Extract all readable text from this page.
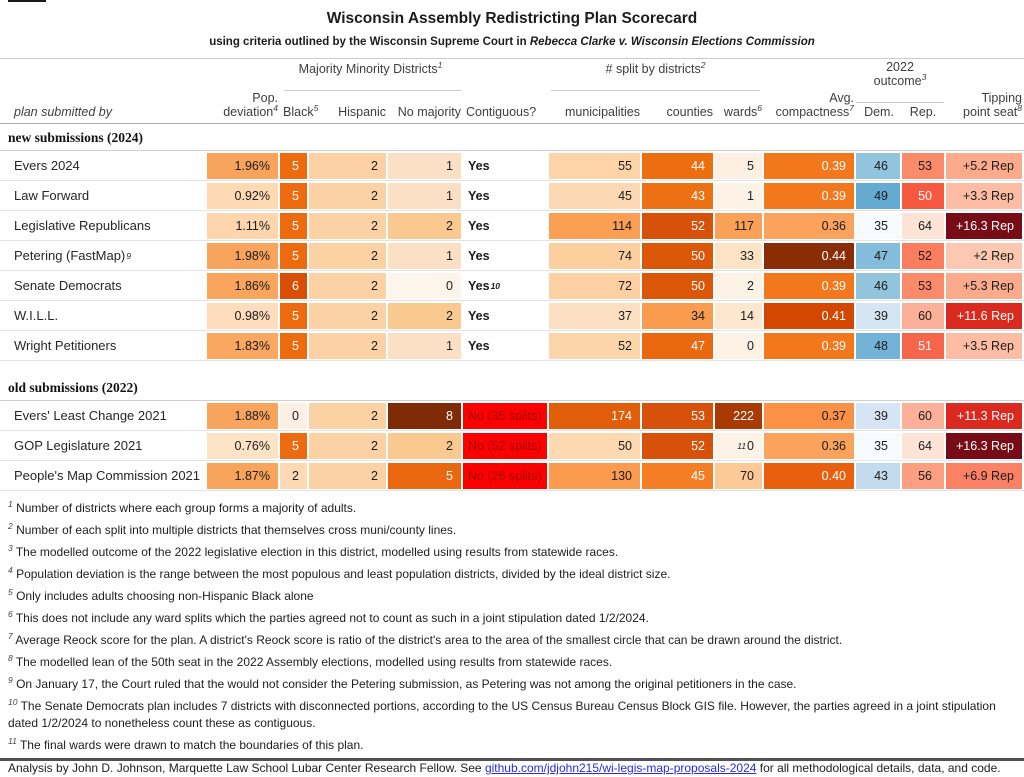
Wisconsin Assembly Redistricting Plan Scorecard
using criteria outlined by the Wisconsin Supreme Court in Rebecca Clarke v. Wisconsin Elections Commission
plan submitted by
Pop.
deviation$^4$
Majority Minority Districts$^1$
Black$^5$ Hispanic No majority Contiguous?
# split by districts$^2$
municipalities counties wards$^6$
Avg.
compactness$^7$
2022
outcome$^3$
Dem.	Rep.
Tipping
point seat$^8$
new submissions (2024)
Evers 2024	1.96%	5	2	1	Yes	55	44	5	0.39	46	53	+5.2 Rep
Law Forward	0.92%	5	2	1	Yes	45	43	1	0.39	49	50	+3.3 Rep
Legislative Republicans	1.11%	5	2	2	Yes	114	52	117	0.36	35	64	+16.3 Rep
Petering (FastMap) 9	1.98%	5	2	1	Yes	74	50	33	0.44	47	52	+2 Rep
Senate Democrats	1.86%	6	2	0	Yes 10	72	50	2	0.39	46	53	+5.3 Rep
W.I.L.L.	0.98%	5	2	2	Yes	37	34	14	0.41	39	60	+11.6 Rep
Wright Petitioners	1.83%	5	2	1	Yes	52	47	0	0.39	48	51	+3.5 Rep
old submissions (2022)
Evers' Least Change 2021	1.88%	0	2	8	No (35 splits)	174	53	222	0.37	39	60	+11.3 Rep
GOP Legislature 2021	0.76%	5	2	2	No (52 splits)	50	52	11 0	0.36	35	64	+16.3 Rep
People's Map Commission 2021	1.87%	2	2	5	No (26 splits)	130	45	70	0.40	43	56	+6.9 Rep

$^1$ Number of districts where each group forms a majority of adults.

$^2$ Number of each split into multiple districts that themselves cross muni/county lines.

$^3$ The modelled outcome of the 2022 legislative election in this district, modelled using results from statewide races.

$^4$ Population deviation is the range between the most populous and least population districts, divided by the ideal district size.

$^5$ Only includes adults choosing non-Hispanic Black alone

$^6$ This does not include any ward splits which the parties agreed not to count as such in a joint stipulation dated 1/2/2024.

$^7$ Average Reock score for the plan. A district's Reock score is ratio of the district's area to the area of the smallest circle that can be drawn around the district.

$^8$ The modelled lean of the 50th seat in the 2022 Assembly elections, modelled using results from statewide races.

$^9$ On January 17, the Court ruled that the would not consider the Petering submission, as Petering was not among the original petitioners in the case.

$^{10}$ The Senate Democrats plan includes 7 districts with disconnected portions, according to the US Census Bureau Census Block GIS file. However, the parties agreed in a joint stipulation dated 1/2/2024 to nonetheless count these as contiguous.

$^{11}$ The final wards were drawn to match the boundaries of this plan.

Analysis by John D. Johnson, Marquette Law School Lubar Center Research Fellow. See github.com/jdjohn215/wi-legis-map-proposals-2024 for all methodological details, data, and code.
